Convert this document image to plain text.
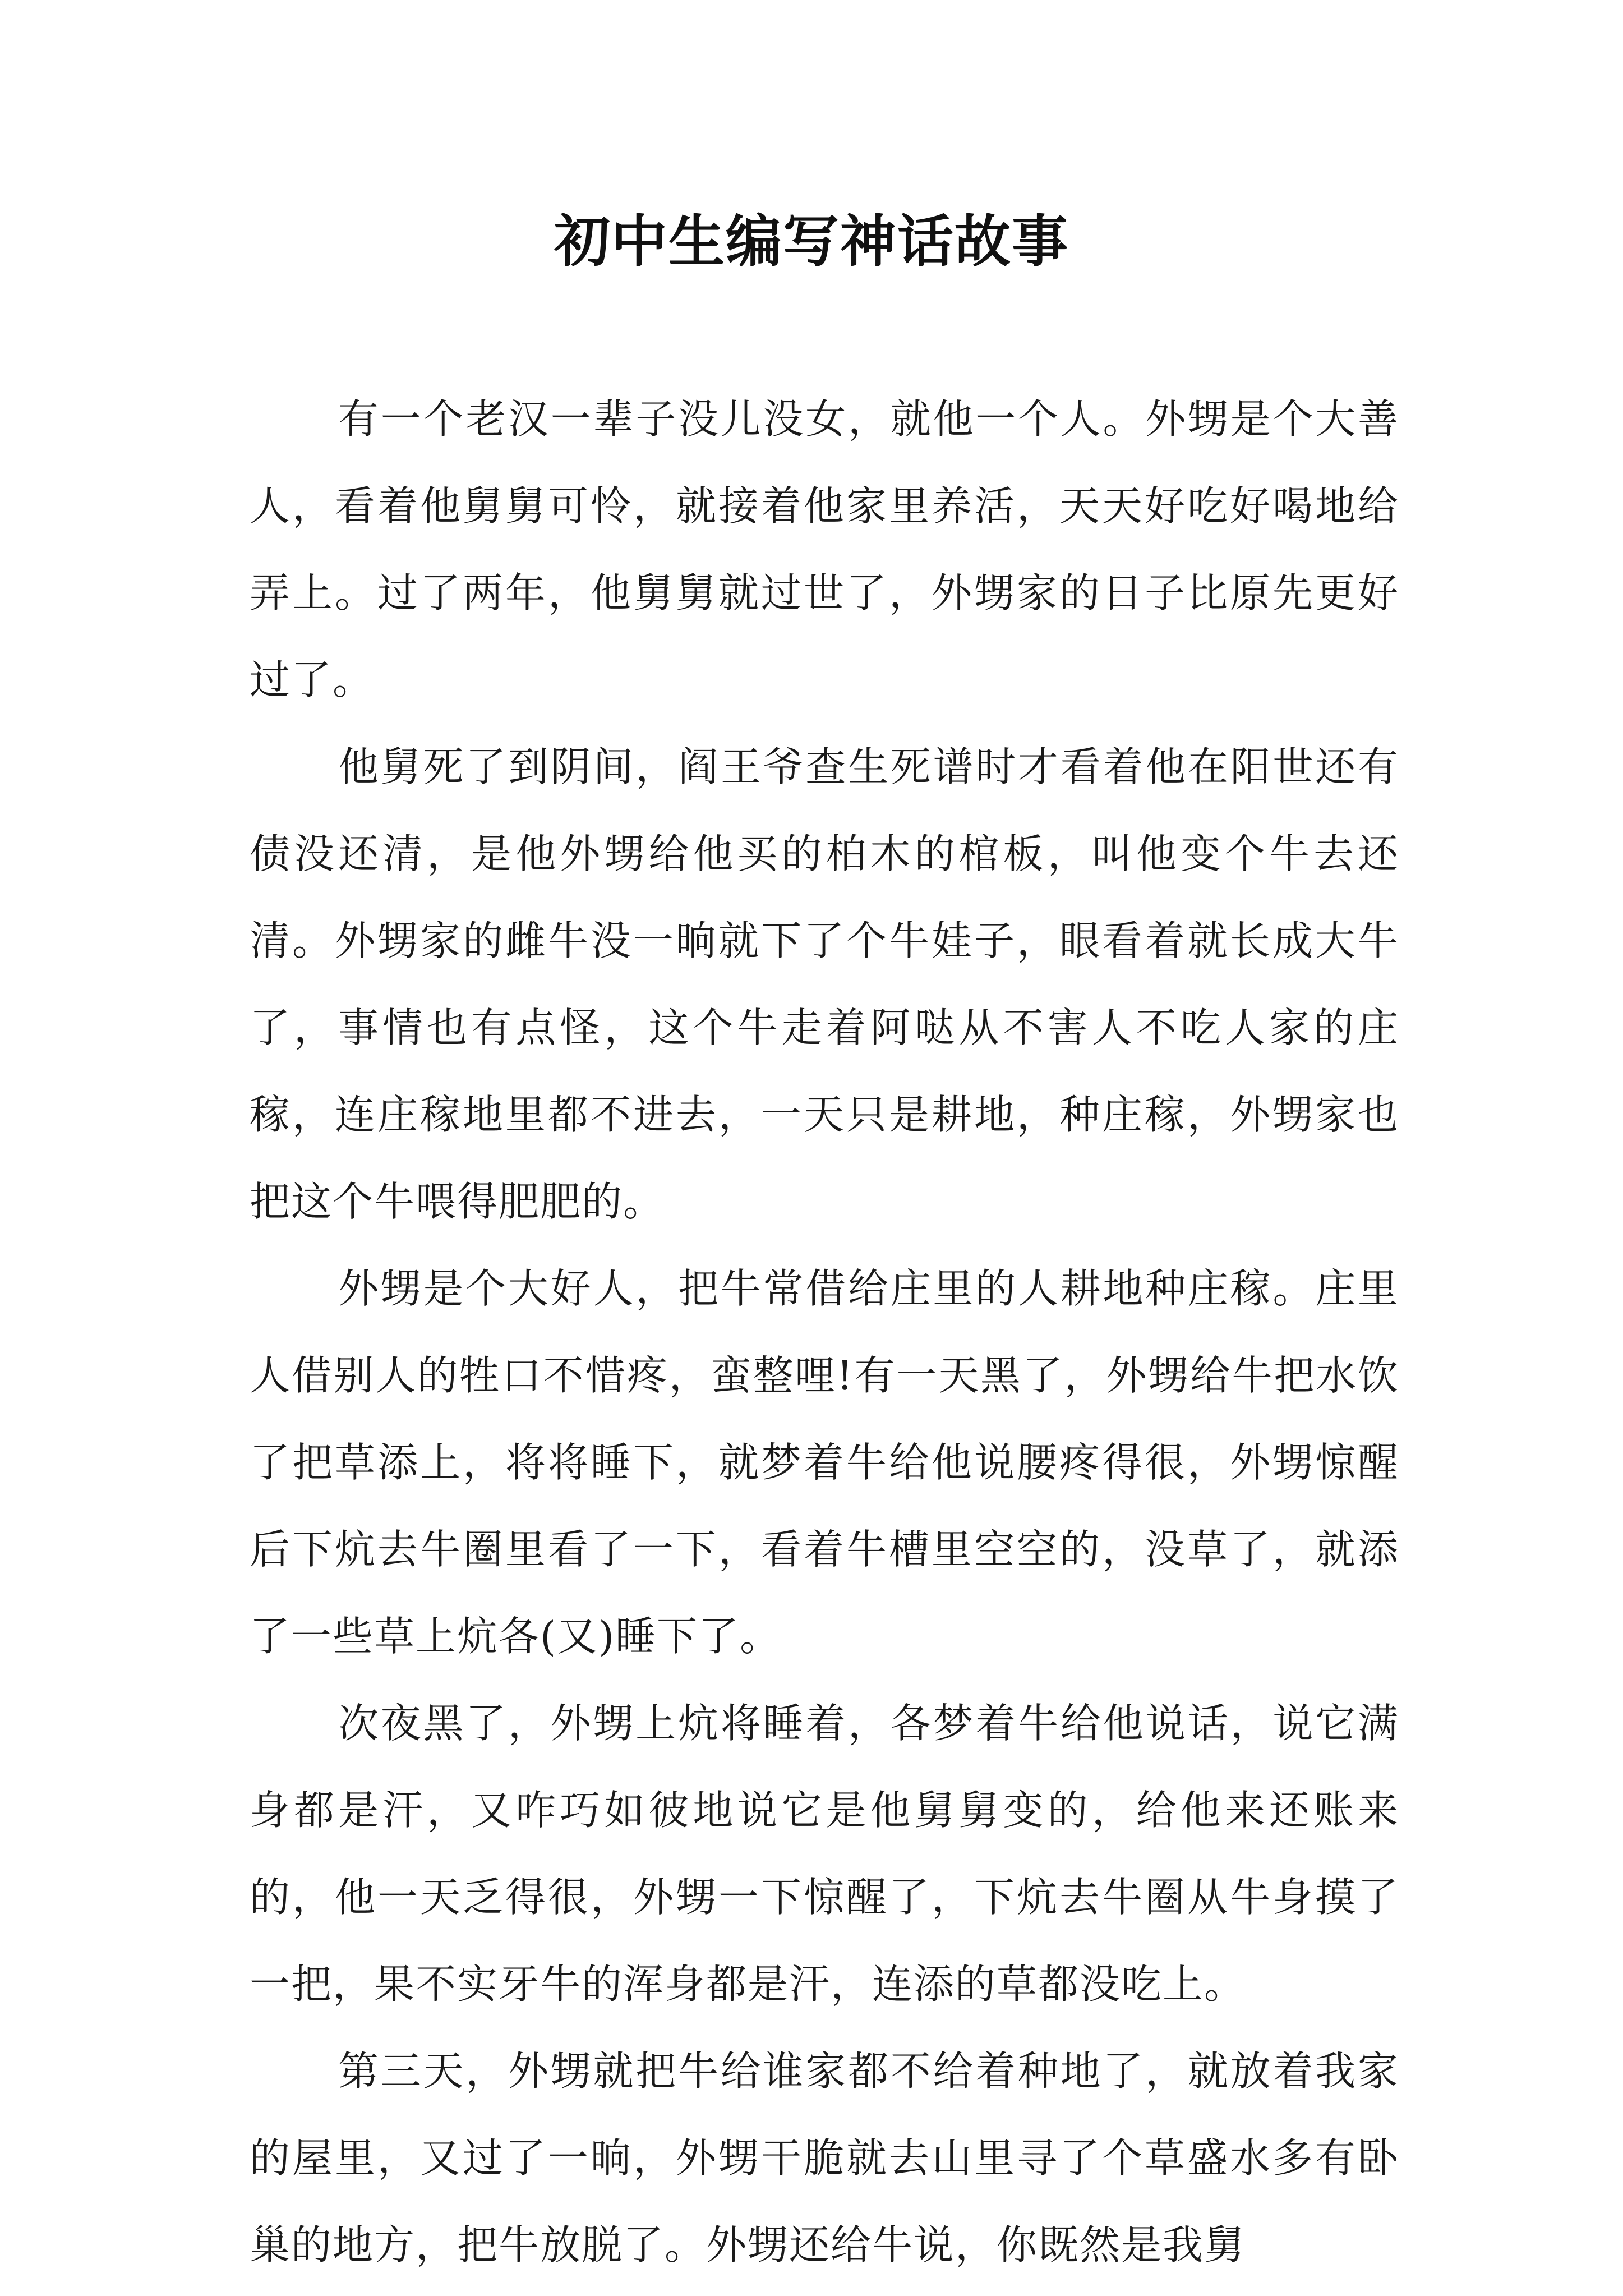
初中生编写神话故事

有一个老汉一辈子没儿没女，就他一个人。外甥是个大善人，看着他舅舅可怜，就接着他家里养活，天天好吃好喝地给弄上。过了两年，他舅舅就过世了，外甥家的日子比原先更好过了。

他舅死了到阴间，阎王爷查生死谱时才看着他在阳世还有债没还清，是他外甥给他买的柏木的棺板，叫他变个牛去还清。外甥家的雌牛没一晌就下了个牛娃子，眼看着就长成大牛了，事情也有点怪，这个牛走着阿哒从不害人不吃人家的庄稼，连庄稼地里都不进去，一天只是耕地，种庄稼，外甥家也把这个牛喂得肥肥的。

外甥是个大好人，把牛常借给庄里的人耕地种庄稼。庄里人借别人的牲口不惜疼，蛮整哩!有一天黑了，外甥给牛把水饮了把草添上，将将睡下，就梦着牛给他说腰疼得很，外甥惊醒后下炕去牛圈里看了一下，看着牛槽里空空的，没草了，就添了一些草上炕各(又)睡下了。

次夜黑了，外甥上炕将睡着，各梦着牛给他说话，说它满身都是汗，又咋巧如彼地说它是他舅舅变的，给他来还账来的，他一天乏得很，外甥一下惊醒了，下炕去牛圈从牛身摸了一把，果不实牙牛的浑身都是汗，连添的草都没吃上。

第三天，外甥就把牛给谁家都不给着种地了，就放着我家的屋里，又过了一晌，外甥干脆就去山里寻了个草盛水多有卧巢的地方，把牛放脱了。外甥还给牛说，你既然是我舅
